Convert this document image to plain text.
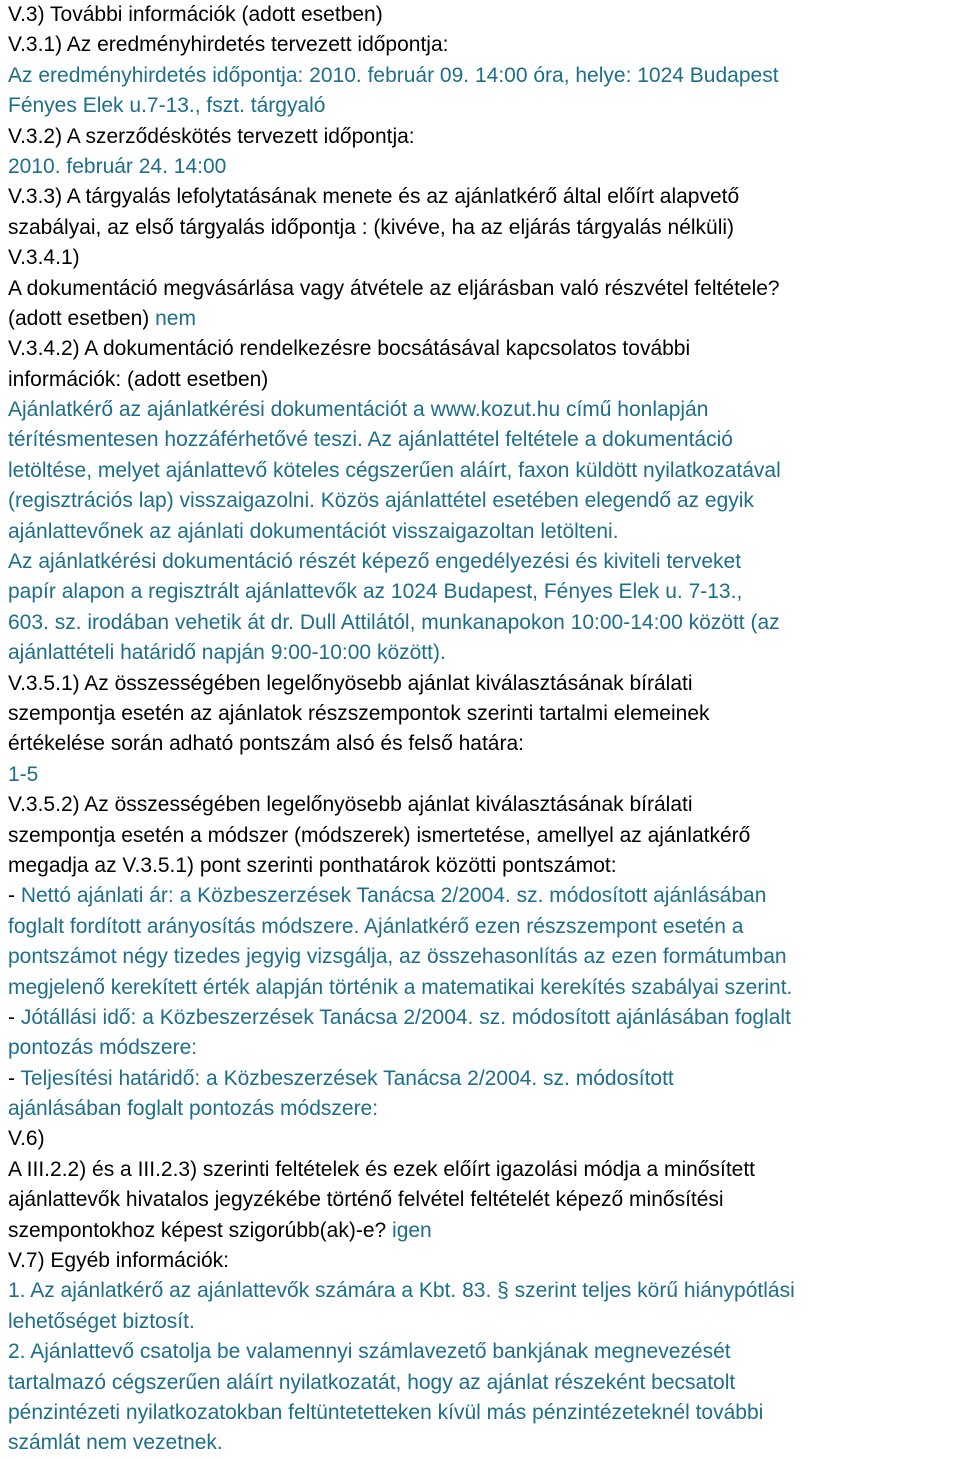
V.3) További információk (adott esetben)
V.3.1) Az eredményhirdetés tervezett időpontja:
Az eredményhirdetés időpontja: 2010. február 09. 14:00 óra, helye: 1024 Budapest
Fényes Elek u.7-13., fszt. tárgyaló
V.3.2) A szerződéskötés tervezett időpontja:
2010. február 24. 14:00
V.3.3) A tárgyalás lefolytatásának menete és az ajánlatkérő által előírt alapvető
szabályai, az első tárgyalás időpontja : (kivéve, ha az eljárás tárgyalás nélküli)
V.3.4.1)
A dokumentáció megvásárlása vagy átvétele az eljárásban való részvétel feltétele?
(adott esetben) nem
V.3.4.2) A dokumentáció rendelkezésre bocsátásával kapcsolatos további
információk: (adott esetben)
Ajánlatkérő az ajánlatkérési dokumentációt a www.kozut.hu című honlapján
térítésmentesen hozzáférhetővé teszi. Az ajánlattétel feltétele a dokumentáció
letöltése, melyet ajánlattevő köteles cégszerűen aláírt, faxon küldött nyilatkozatával
(regisztrációs lap) visszaigazolni. Közös ajánlattétel esetében elegendő az egyik
ajánlattevőnek az ajánlati dokumentációt visszaigazoltan letölteni.
Az ajánlatkérési dokumentáció részét képező engedélyezési és kiviteli terveket
papír alapon a regisztrált ajánlattevők az 1024 Budapest, Fényes Elek u. 7-13.,
603. sz. irodában vehetik át dr. Dull Attilától, munkanapokon 10:00-14:00 között (az
ajánlattételi határidő napján 9:00-10:00 között).
V.3.5.1) Az összességében legelőnyösebb ajánlat kiválasztásának bírálati
szempontja esetén az ajánlatok részszempontok szerinti tartalmi elemeinek
értékelése során adható pontszám alsó és felső határa:
1-5
V.3.5.2) Az összességében legelőnyösebb ajánlat kiválasztásának bírálati
szempontja esetén a módszer (módszerek) ismertetése, amellyel az ajánlatkérő
megadja az V.3.5.1) pont szerinti ponthatárok közötti pontszámot:
- Nettó ajánlati ár: a Közbeszerzések Tanácsa 2/2004. sz. módosított ajánlásában
foglalt fordított arányosítás módszere. Ajánlatkérő ezen részszempont esetén a
pontszámot négy tizedes jegyig vizsgálja, az összehasonlítás az ezen formátumban
megjelenő kerekített érték alapján történik a matematikai kerekítés szabályai szerint.
- Jótállási idő: a Közbeszerzések Tanácsa 2/2004. sz. módosított ajánlásában foglalt
pontozás módszere:
- Teljesítési határidő: a Közbeszerzések Tanácsa 2/2004. sz. módosított
ajánlásában foglalt pontozás módszere:
V.6)
A III.2.2) és a III.2.3) szerinti feltételek és ezek előírt igazolási módja a minősített
ajánlattevők hivatalos jegyzékébe történő felvétel feltételét képező minősítési
szempontokhoz képest szigorúbb(ak)-e? igen
V.7) Egyéb információk:
1. Az ajánlatkérő az ajánlattevők számára a Kbt. 83. § szerint teljes körű hiánypótlási
lehetőséget biztosít.
2. Ajánlattevő csatolja be valamennyi számlavezető bankjának megnevezését
tartalmazó cégszerűen aláírt nyilatkozatát, hogy az ajánlat részeként becsatolt
pénzintézeti nyilatkozatokban feltüntetetteken kívül más pénzintézeteknél további
számlát nem vezetnek.
